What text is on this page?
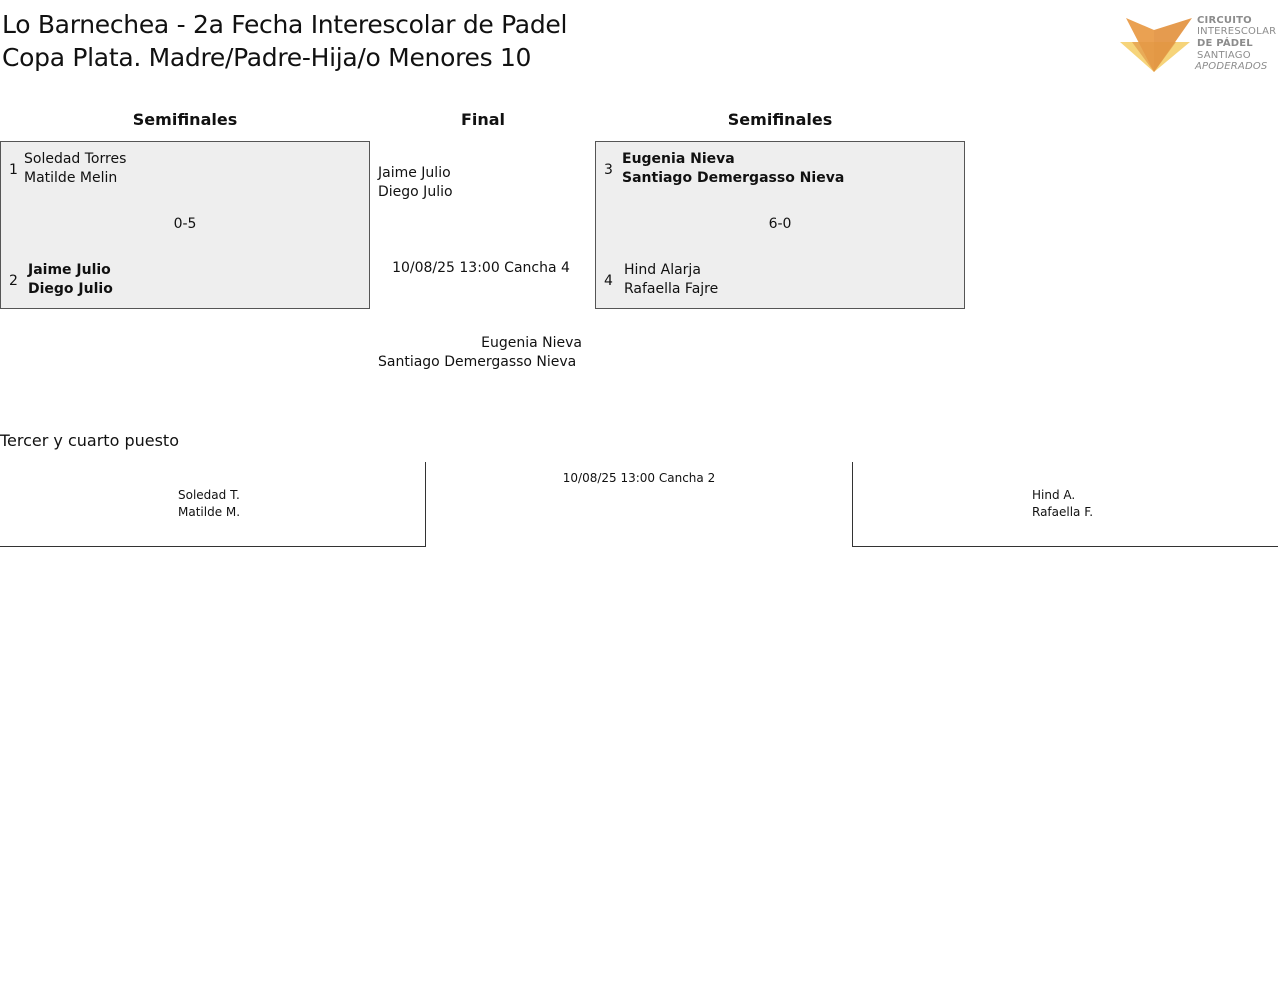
Lo Barnechea - 2a Fecha Interescolar de Padel
Copa Plata. Madre/Padre-Hija/o Menores 10
CIRCUITO
INTERESCOLAR
DE PÁDEL
SANTIAGO
APODERADOS
Semifinales	Final	Semifinales
1
Soledad Torres
Matilde Melin
0-5
2
Jaime Julio
Diego Julio
3
Eugenia Nieva
Santiago Demergasso Nieva
6-0
4
Hind Alarja
Rafaella Fajre
Jaime Julio
Diego Julio
10/08/25 13:00 Cancha 4
Eugenia Nieva
Santiago Demergasso Nieva
Tercer y cuarto puesto
Soledad T.
Matilde M.
10/08/25 13:00 Cancha 2
Hind A.
Rafaella F.
